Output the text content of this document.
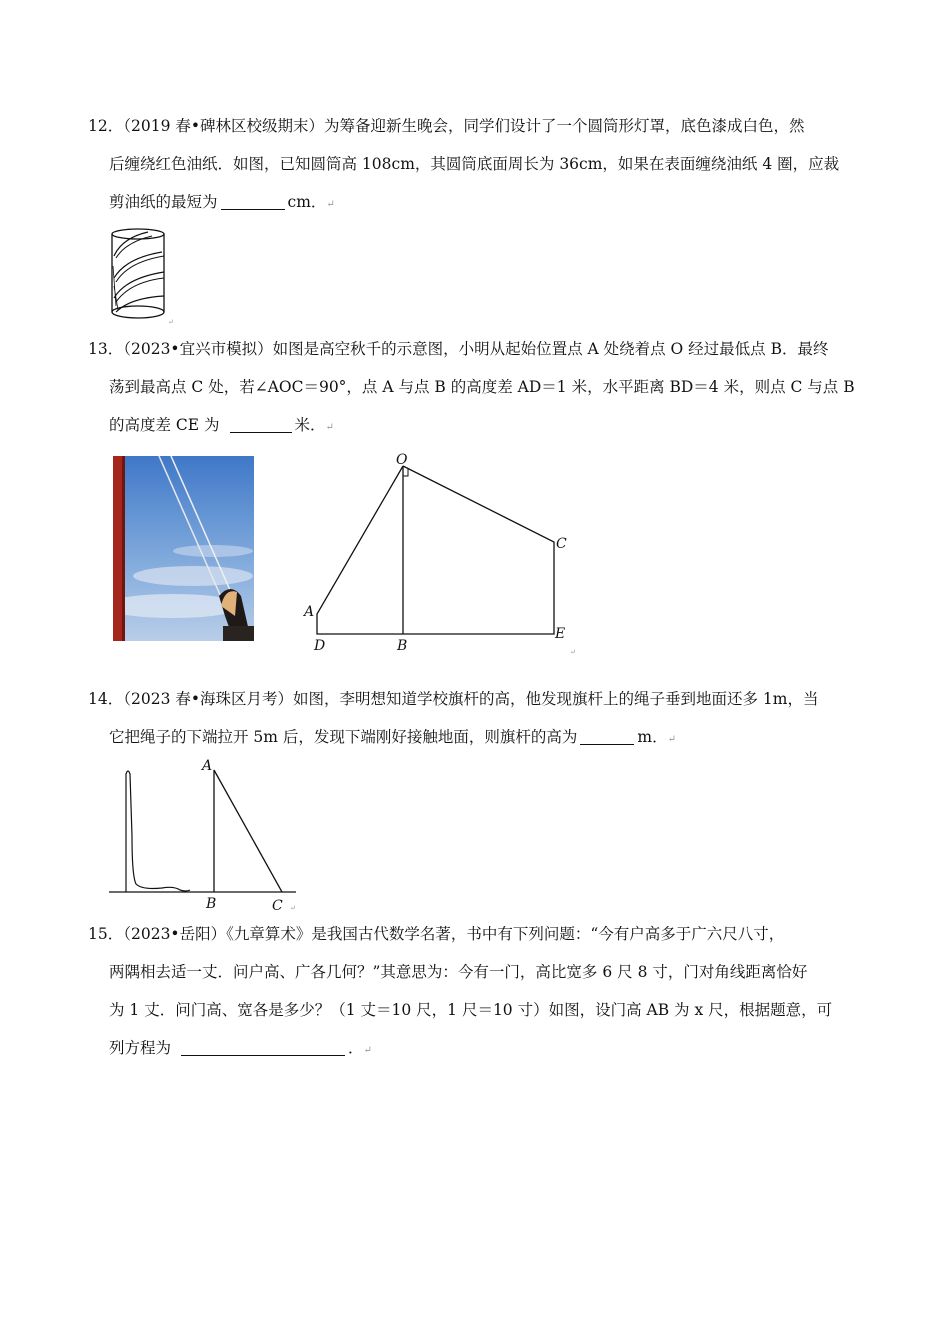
12．（2019 春•碑林区校级期末）为筹备迎新生晚会，同学们设计了一个圆筒形灯罩，底色漆成白色，然
后缠绕红色油纸．如图，已知圆筒高 108cm，其圆筒底面周长为 36cm，如果在表面缠绕油纸 4 圈，应裁
剪油纸的最短为	cm．↵
↵
13．（2023•宜兴市模拟）如图是高空秋千的示意图，小明从起始位置点 A 处绕着点 O 经过最低点 B．最终
荡到最高点 C 处，若∠AOC＝90°，点 A 与点 B 的高度差 AD＝1 米，水平距离 BD＝4 米，则点 C 与点 B
的高度差 CE 为	米．↵
O
A
D	B
C
E
↵
14．（2023 春•海珠区月考）如图，李明想知道学校旗杆的高，他发现旗杆上的绳子垂到地面还多 1m，当
它把绳子的下端拉开 5m 后，发现下端刚好接触地面，则旗杆的高为	m．↵
A
B	C ↵
15．（2023•岳阳）《九章算术》是我国古代数学名著，书中有下列问题：“今有户高多于广六尺八寸，
两隅相去适一丈．问户高、广各几何？”其意思为：今有一门，高比宽多 6 尺 8 寸，门对角线距离恰好
为 1 丈．问门高、宽各是多少？（1 丈＝10 尺，1 尺＝10 寸）如图，设门高 AB 为 x 尺，根据题意，可
列方程为	．↵
